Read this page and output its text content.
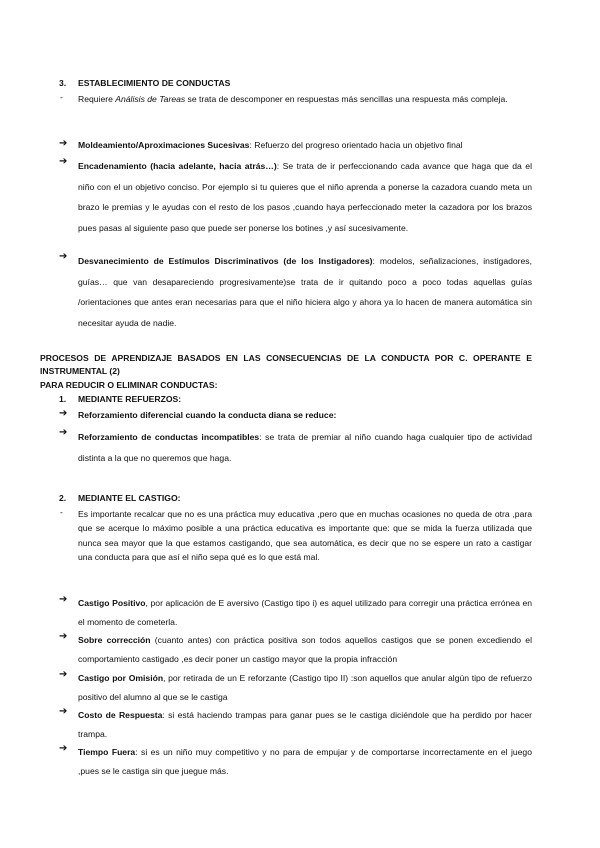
3. ESTABLECIMIENTO DE CONDUCTAS
- Requiere Análisis de Tareas se trata de descomponer en respuestas más sencillas una respuesta más compleja.
➔ Moldeamiento/Aproximaciones Sucesivas: Refuerzo del progreso orientado hacia un objetivo final
➔ Encadenamiento (hacia adelante, hacia atrás…): Se trata de ir perfeccionando cada avance que haga que da el niño con el un objetivo conciso. Por ejemplo si tu quieres que el niño aprenda a ponerse la cazadora cuando meta un brazo le premias y le ayudas con el resto de los pasos ,cuando haya perfeccionado meter la cazadora por los brazos pues pasas al siguiente paso que puede ser ponerse los botines ,y así sucesivamente.
➔ Desvanecimiento de Estímulos Discriminativos (de los Instigadores): modelos, señalizaciones, instigadores, guías… que van desapareciendo progresivamente)se trata de ir quitando poco a poco todas aquellas guías /orientaciones que antes eran necesarias para que el niño hiciera algo y ahora ya lo hacen de manera automática sin necesitar ayuda de nadie.
PROCESOS DE APRENDIZAJE BASADOS EN LAS CONSECUENCIAS DE LA CONDUCTA POR C. OPERANTE E INSTRUMENTAL (2)
PARA REDUCIR O ELIMINAR CONDUCTAS:
1. MEDIANTE REFUERZOS:
➔ Reforzamiento diferencial cuando la conducta diana se reduce:
➔ Reforzamiento de conductas incompatibles: se trata de premiar al niño cuando haga cualquier tipo de actividad distinta a la que no queremos que haga.
2. MEDIANTE EL CASTIGO:
- Es importante recalcar que no es una práctica muy educativa ,pero que en muchas ocasiones no queda de otra ,para que se acerque lo máximo posible a una práctica educativa es importante que: que se mida la fuerza utilizada que nunca sea mayor que la que estamos castigando, que sea automática, es decir que no se espere un rato a castigar una conducta para que así el niño sepa qué es lo que está mal.
➔ Castigo Positivo, por aplicación de E aversivo (Castigo tipo i) es aquel utilizado para corregir una práctica errónea en el momento de cometerla.
➔ Sobre corrección (cuanto antes) con práctica positiva son todos aquellos castigos que se ponen excediendo el comportamiento castigado ,es decir poner un castigo mayor que la propia infracción
➔ Castigo por Omisión, por retirada de un E reforzante (Castigo tipo II) :son aquellos que anular algún tipo de refuerzo positivo del alumno al que se le castiga
➔ Costo de Respuesta: si está haciendo trampas para ganar pues se le castiga diciéndole que ha perdido por hacer trampa.
➔ Tiempo Fuera: si es un niño muy competitivo y no para de empujar y de comportarse incorrectamente en el juego ,pues se le castiga sin que juegue más.
